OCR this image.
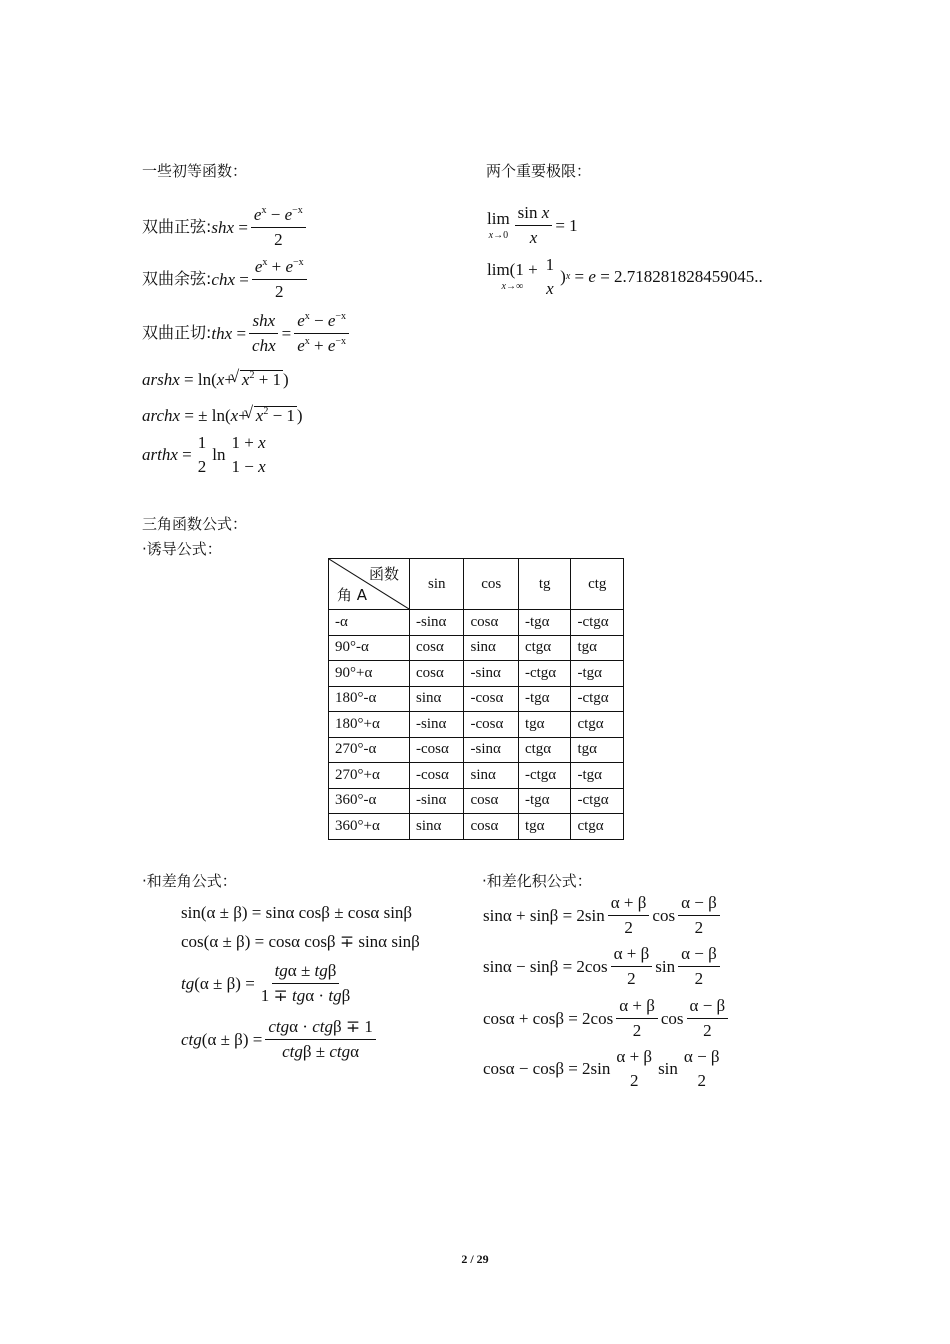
一些初等函数：	两个重要极限：
双曲正弦: shx = $\frac{e^x - e^{-x}}{2}$
双曲余弦: chx = $\frac{e^x + e^{-x}}{2}$
双曲正切: thx = $\frac{\text{shx}}{\text{chx}} = \frac{e^x - e^{-x}}{e^x + e^{-x}}$
arshx = ln( x + √ $x^2 + 1$ )
archx = ± ln( x + √ $x^2 - 1$ )
arthx =
1
2
ln
1 + x
1 − x
lim
$x\to 0 \frac{\text{sin x}}{x} = 1$
lim(1 +
x→∞
1
x
) x = e
= 2.718281828459045..
三角函数公式：
·诱导公式：
函数
角 A	sin	cos	tg	ctg
-α	-sinα	cosα	-tgα	-ctgα
90°-α	cosα	sinα	ctgα	tgα
90°+α	cosα	-sinα	-ctgα	-tgα
180°-α	sinα	-cosα	-tgα	-ctgα
180°+α	-sinα	-cosα	tgα	ctgα
270°-α	-cosα	-sinα	ctgα	tgα
270°+α	-cosα	sinα	-ctgα	-tgα
360°-α	-sinα	cosα	-tgα	-ctgα
360°+α	sinα	cosα	tgα	ctgα
·和差角公式：
sin(α ± β) = sinα cosβ ± cosα sinβ
cos(α ± β) = cosα cosβ ∓ sinα sinβ
tg $(\alpha \pm \beta) = \frac{\text{tgα ± tgβ}}{\text{1 ∓ tgα · tgβ}}$
ctg $(\alpha \pm \beta) = \frac{\text{ctgα · ctgβ ∓ 1}}{\text{ctgβ ± ctgα}}$
·和差化积公式：
$\sin\alpha + \sin\beta = 2\sin \frac{\alpha + \beta}{2}$ $\cos \frac{\alpha - \beta}{2}$
$\sin\alpha - \sin\beta = 2\cos \frac{\alpha + \beta}{2}$ $\sin \frac{\alpha - \beta}{2}$
$\cos\alpha + \cos\beta = 2\cos \frac{\alpha + \beta}{2}$ $\cos \frac{\alpha - \beta}{2}$
cosα − cosβ = 2sin
α + β
2
sin
α − β
2
2 / 29
